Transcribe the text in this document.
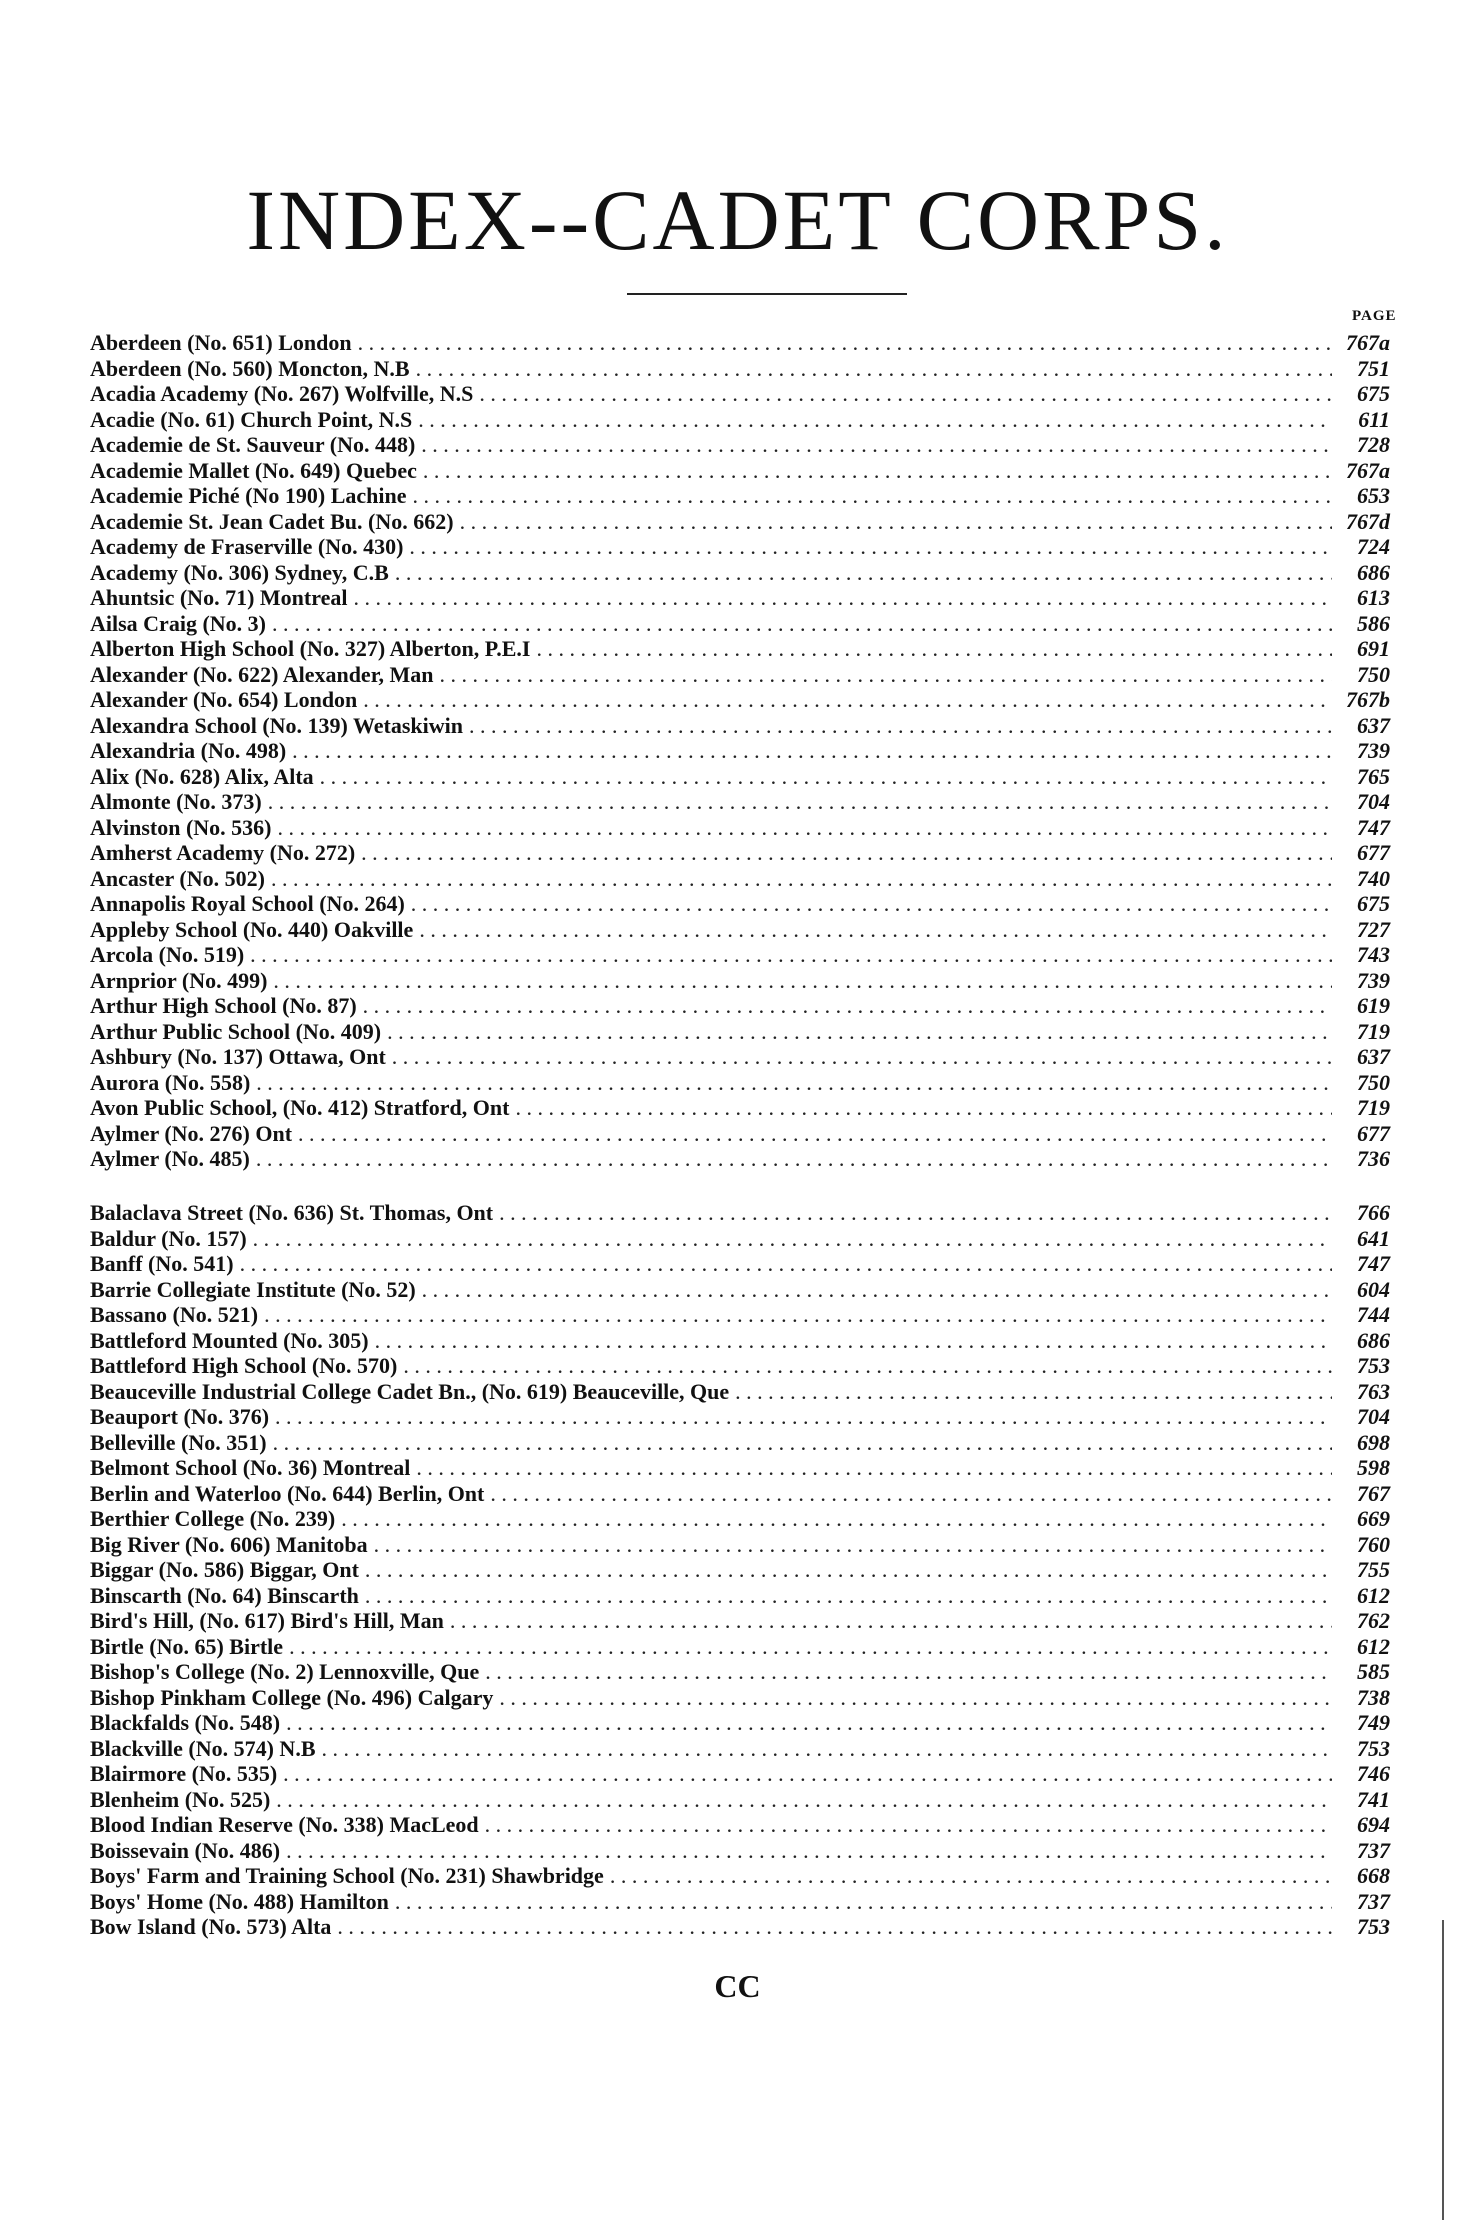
INDEX--CADET CORPS.
PAGE
Aberdeen (No. 651) London . . .	767a
Aberdeen (No. 560) Moncton, N.B . . .	751
Acadia Academy (No. 267) Wolfville, N.S . . .	675
Acadie (No. 61) Church Point, N.S . . .	611
Academie de St. Sauveur (No. 448) . . .	728
Academie Mallet (No. 649) Quebec . . .	767a
Academie Piché (No 190) Lachine . . .	653
Academie St. Jean Cadet Bu. (No. 662) . . .	767d
Academy de Fraserville (No. 430) . . .	724
Academy (No. 306) Sydney, C.B . . .	686
Ahuntsic (No. 71) Montreal . . .	613
Ailsa Craig (No. 3) . . .	586
Alberton High School (No. 327) Alberton, P.E.I . . .	691
Alexander (No. 622) Alexander, Man . . .	750
Alexander (No. 654) London . . .	767b
Alexandra School (No. 139) Wetaskiwin . . .	637
Alexandria (No. 498) . . .	739
Alix (No. 628) Alix, Alta . . .	765
Almonte (No. 373) . . .	704
Alvinston (No. 536) . . .	747
Amherst Academy (No. 272) . . .	677
Ancaster (No. 502) . . .	740
Annapolis Royal School (No. 264) . . .	675
Appleby School (No. 440) Oakville . . .	727
Arcola (No. 519) . . .	743
Arnprior (No. 499) . . .	739
Arthur High School (No. 87) . . .	619
Arthur Public School (No. 409) . . .	719
Ashbury (No. 137) Ottawa, Ont . . .	637
Aurora (No. 558) . . .	750
Avon Public School, (No. 412) Stratford, Ont . . .	719
Aylmer (No. 276) Ont . . .	677
Aylmer (No. 485) . . .	736
Balaclava Street (No. 636) St. Thomas, Ont . . .	766
Baldur (No. 157) . . .	641
Banff (No. 541) . . .	747
Barrie Collegiate Institute (No. 52) . . .	604
Bassano (No. 521) . . .	744
Battleford Mounted (No. 305) . . .	686
Battleford High School (No. 570) . . .	753
Beauceville Industrial College Cadet Bn., (No. 619) Beauceville, Que . . .	763
Beauport (No. 376) . . .	704
Belleville (No. 351) . . .	698
Belmont School (No. 36) Montreal . . .	598
Berlin and Waterloo (No. 644) Berlin, Ont . . .	767
Berthier College (No. 239) . . .	669
Big River (No. 606) Manitoba . . .	760
Biggar (No. 586) Biggar, Ont . . .	755
Binscarth (No. 64) Binscarth . . .	612
Bird's Hill, (No. 617) Bird's Hill, Man . . .	762
Birtle (No. 65) Birtle . . .	612
Bishop's College (No. 2) Lennoxville, Que . . .	585
Bishop Pinkham College (No. 496) Calgary . . .	738
Blackfalds (No. 548) . . .	749
Blackville (No. 574) N.B . . .	753
Blairmore (No. 535) . . .	746
Blenheim (No. 525) . . .	741
Blood Indian Reserve (No. 338) MacLeod . . .	694
Boissevain (No. 486) . . .	737
Boys' Farm and Training School (No. 231) Shawbridge . . .	668
Boys' Home (No. 488) Hamilton . . .	737
Bow Island (No. 573) Alta . . .	753
CC
